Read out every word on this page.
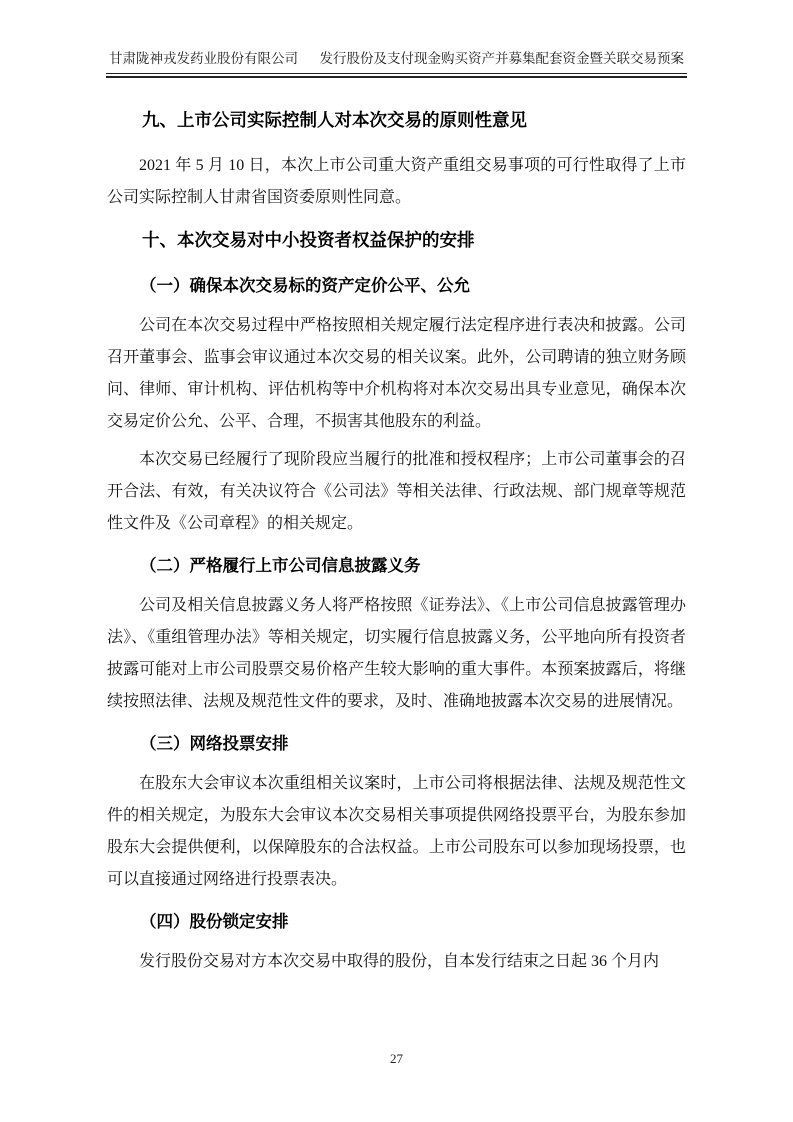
甘肃陇神戎发药业股份有限公司 发行股份及支付现金购买资产并募集配套资金暨关联交易预案
九、上市公司实际控制人对本次交易的原则性意见
2021 年 5 月 10 日，本次上市公司重大资产重组交易事项的可行性取得了上市公司实际控制人甘肃省国资委原则性同意。
十、本次交易对中小投资者权益保护的安排
（一）确保本次交易标的资产定价公平、公允
公司在本次交易过程中严格按照相关规定履行法定程序进行表决和披露。公司召开董事会、监事会审议通过本次交易的相关议案。此外，公司聘请的独立财务顾问、律师、审计机构、评估机构等中介机构将对本次交易出具专业意见，确保本次交易定价公允、公平、合理，不损害其他股东的利益。
本次交易已经履行了现阶段应当履行的批准和授权程序；上市公司董事会的召开合法、有效，有关决议符合《公司法》等相关法律、行政法规、部门规章等规范性文件及《公司章程》的相关规定。
（二）严格履行上市公司信息披露义务
公司及相关信息披露义务人将严格按照《证券法》、《上市公司信息披露管理办法》、《重组管理办法》等相关规定，切实履行信息披露义务，公平地向所有投资者披露可能对上市公司股票交易价格产生较大影响的重大事件。本预案披露后，将继续按照法律、法规及规范性文件的要求，及时、准确地披露本次交易的进展情况。
（三）网络投票安排
在股东大会审议本次重组相关议案时，上市公司将根据法律、法规及规范性文件的相关规定，为股东大会审议本次交易相关事项提供网络投票平台，为股东参加股东大会提供便利，以保障股东的合法权益。上市公司股东可以参加现场投票，也可以直接通过网络进行投票表决。
（四）股份锁定安排
发行股份交易对方本次交易中取得的股份，自本发行结束之日起 36 个月内
27
